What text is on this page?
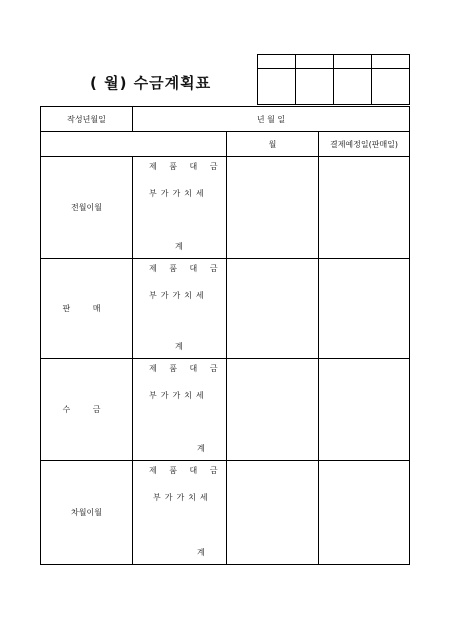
( 월) 수금계획표

작성년월일	년 월 일		
		월	결제예정일(판매일)
전월이월	제 품 대 금
부가가치세
계		

판 매	제 품 대 금
부가가치세
계		

수 금	제 품 대 금
부가가치세
계		

차월이월	제 품 대 금
부가가치세
계		
